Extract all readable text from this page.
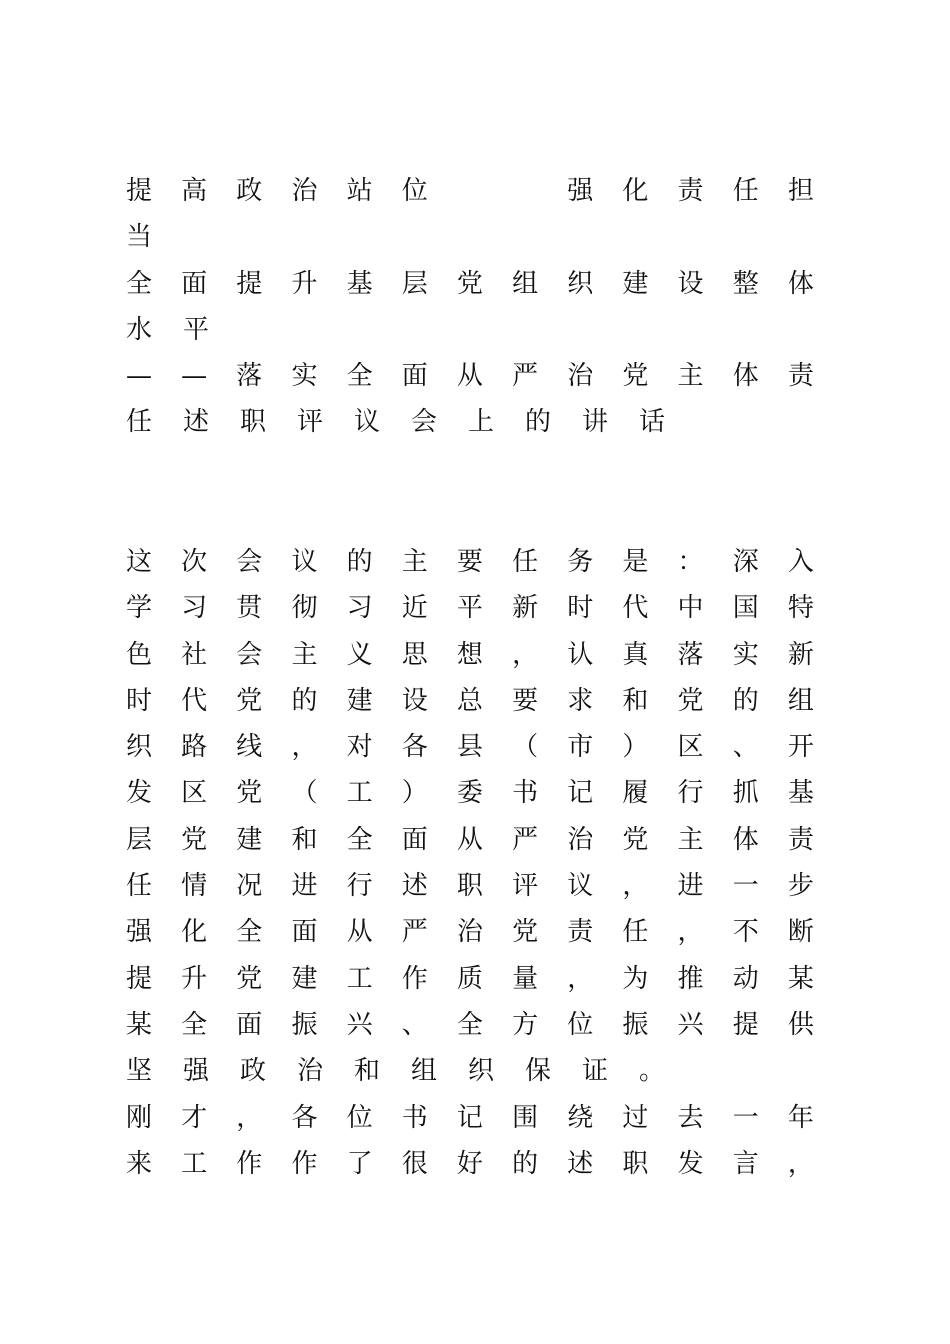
提 高 政 治 站 位

　	强 化 责 任 担
当
全 面 提 升 基 层 党 组 织 建 设 整 体
水 平
— — 落 实 全 面 从 严 治 党 主 体 责
任 述 职 评 议 会 上 的 讲 话
这 次 会 议 的 主 要 任 务 是 ： 深 入
学 习 贯 彻 习 近 平 新 时 代 中 国 特
色 社 会 主 义 思 想 ， 认 真 落 实 新
时 代 党 的 建 设 总 要 求 和 党 的 组
织 路 线 ， 对 各 县 （ 市 ） 区 、 开
发 区 党 （ 工 ） 委 书 记 履 行 抓 基
层 党 建 和 全 面 从 严 治 党 主 体 责
任 情 况 进 行 述 职 评 议 ， 进 一 步
强 化 全 面 从 严 治 党 责 任 ， 不 断
提 升 党 建 工 作 质 量 ， 为 推 动 某
某 全 面 振 兴 、 全 方 位 振 兴 提 供
坚 强 政 治 和 组 织 保 证 。
刚 才 ， 各 位 书 记 围 绕 过 去 一 年
来 工 作 作 了 很 好 的 述 职 发 言 ，
